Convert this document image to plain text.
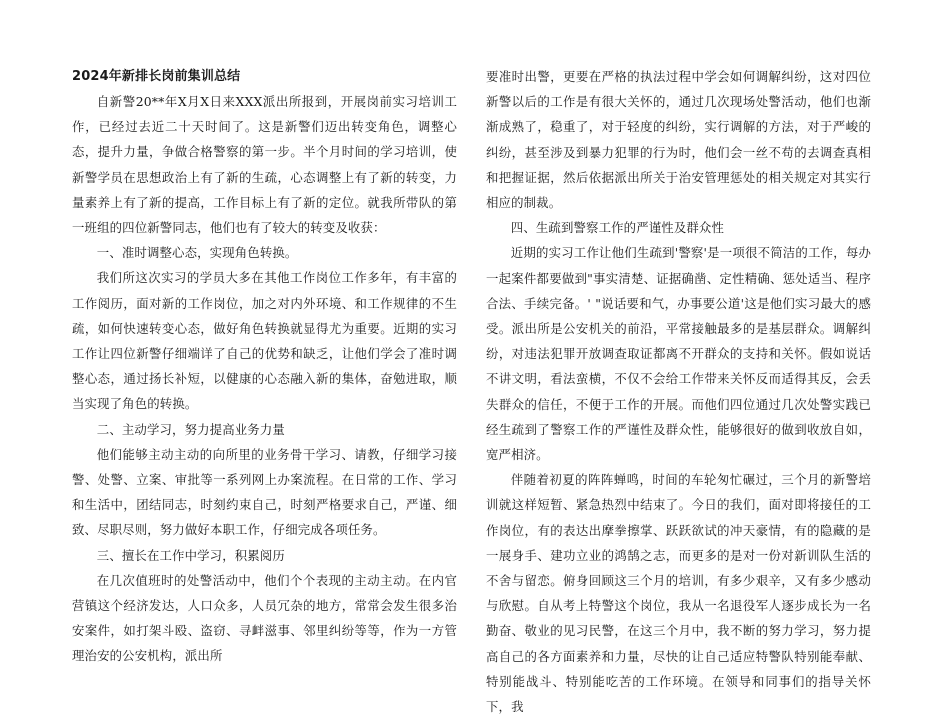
2024年新排长岗前集训总结

自新警20**年X月X日来XXX派出所报到，开展岗前实习培训工作，已经过去近二十天时间了。这是新警们迈出转变角色，调整心态，提升力量，争做合格警察的第一步。半个月时间的学习培训，使新警学员在思想政治上有了新的生疏，心态调整上有了新的转变，力量素养上有了新的提高，工作目标上有了新的定位。就我所带队的第一班组的四位新警同志，他们也有了较大的转变及收获：

一、准时调整心态，实现角色转换。

我们所这次实习的学员大多在其他工作岗位工作多年，有丰富的工作阅历，面对新的工作岗位，加之对内外环境、和工作规律的不生疏，如何快速转变心态，做好角色转换就显得尤为重要。近期的实习工作让四位新警仔细端详了自己的优势和缺乏，让他们学会了准时调整心态，通过扬长补短，以健康的心态融入新的集体，奋勉进取，顺当实现了角色的转换。

二、主动学习，努力提高业务力量

他们能够主动主动的向所里的业务骨干学习、请教，仔细学习接警、处警、立案、审批等一系列网上办案流程。在日常的工作、学习和生活中，团结同志，时刻约束自己，时刻严格要求自己，严谨、细致、尽职尽则，努力做好本职工作，仔细完成各项任务。

三、擅长在工作中学习，积累阅历

在几次值班时的处警活动中，他们个个表现的主动主动。在内官营镇这个经济发达，人口众多，人员冗杂的地方，常常会发生很多治安案件，如打架斗殴、盗窃、寻衅滋事、邻里纠纷等等，作为一方管理治安的公安机构，派出所

要准时出警，更要在严格的执法过程中学会如何调解纠纷，这对四位新警以后的工作是有很大关怀的，通过几次现场处警活动，他们也渐渐成熟了，稳重了，对于轻度的纠纷，实行调解的方法，对于严峻的纠纷，甚至涉及到暴力犯罪的行为时，他们会一丝不苟的去调查真相和把握证据，然后依据派出所关于治安管理惩处的相关规定对其实行相应的制裁。

四、生疏到警察工作的严谨性及群众性

近期的实习工作让他们生疏到'警察'是一项很不简洁的工作，每办一起案件都要做到"事实清楚、证据确凿、定性精确、惩处适当、程序合法、手续完备。' "说话要和气，办事要公道'这是他们实习最大的感受。派出所是公安机关的前沿，平常接触最多的是基层群众。调解纠纷，对违法犯罪开放调查取证都离不开群众的支持和关怀。假如说话不讲文明，看法蛮横，不仅不会给工作带来关怀反而适得其反，会丢失群众的信任，不便于工作的开展。而他们四位通过几次处警实践已经生疏到了警察工作的严谨性及群众性，能够很好的做到收放自如，宽严相济。

伴随着初夏的阵阵蝉鸣，时间的车轮匆忙碾过，三个月的新警培训就这样短暂、紧急热烈中结束了。今日的我们，面对即将接任的工作岗位，有的表达出摩拳擦掌、跃跃欲试的冲天豪情，有的隐藏的是一展身手、建功立业的鸿鹄之志，而更多的是对一份对新训队生活的不舍与留恋。俯身回顾这三个月的培训，有多少艰辛，又有多少感动与欣慰。自从考上特警这个岗位，我从一名退役军人逐步成长为一名勤奋、敬业的见习民警，在这三个月中，我不断的努力学习，努力提高自己的各方面素养和力量，尽快的让自己适应特警队特别能奉献、特别能战斗、特别能吃苦的工作环境。在领导和同事们的指导关怀下，我
